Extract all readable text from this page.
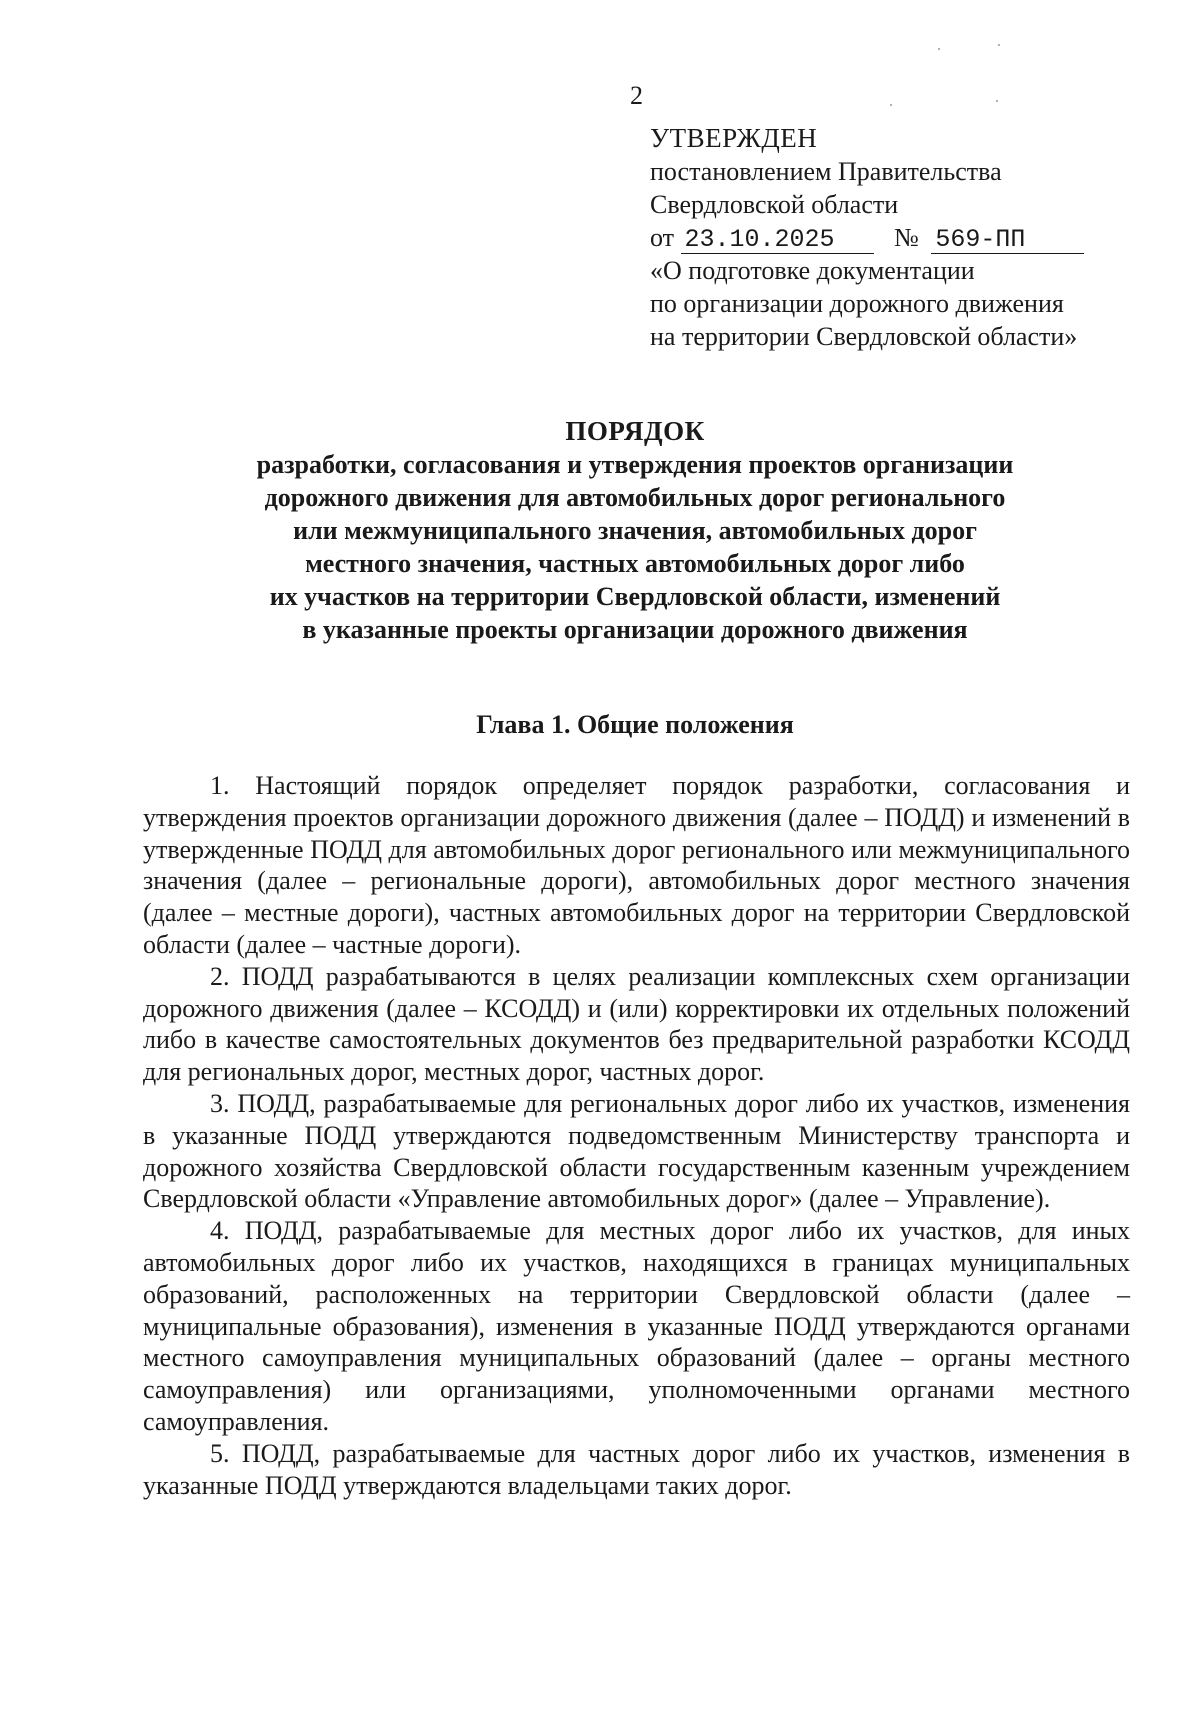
2
УТВЕРЖДЕН
постановлением Правительства
Свердловской области
от 23.10.2025 № 569-ПП
«О подготовке документации
по организации дорожного движения
на территории Свердловской области»
ПОРЯДОК
разработки, согласования и утверждения проектов организации
дорожного движения для автомобильных дорог регионального
или межмуниципального значения, автомобильных дорог
местного значения, частных автомобильных дорог либо
их участков на территории Свердловской области, изменений
в указанные проекты организации дорожного движения
Глава 1. Общие положения

1. Настоящий порядок определяет порядок разработки, согласования и утверждения проектов организации дорожного движения (далее – ПОДД) и изменений в утвержденные ПОДД для автомобильных дорог регионального или межмуниципального значения (далее – региональные дороги), автомобильных дорог местного значения (далее – местные дороги), частных автомобильных дорог на территории Свердловской области (далее – частные дороги).

2. ПОДД разрабатываются в целях реализации комплексных схем организации дорожного движения (далее – КСОДД) и (или) корректировки их отдельных положений либо в качестве самостоятельных документов без предварительной разработки КСОДД для региональных дорог, местных дорог, частных дорог.

3. ПОДД, разрабатываемые для региональных дорог либо их участков, изменения в указанные ПОДД утверждаются подведомственным Министерству транспорта и дорожного хозяйства Свердловской области государственным казенным учреждением Свердловской области «Управление автомобильных дорог» (далее – Управление).

4. ПОДД, разрабатываемые для местных дорог либо их участков, для иных автомобильных дорог либо их участков, находящихся в границах муниципальных образований, расположенных на территории Свердловской области (далее – муниципальные образования), изменения в указанные ПОДД утверждаются органами местного самоуправления муниципальных образований (далее – органы местного самоуправления) или организациями, уполномоченными органами местного самоуправления.

5. ПОДД, разрабатываемые для частных дорог либо их участков, изменения в указанные ПОДД утверждаются владельцами таких дорог.
